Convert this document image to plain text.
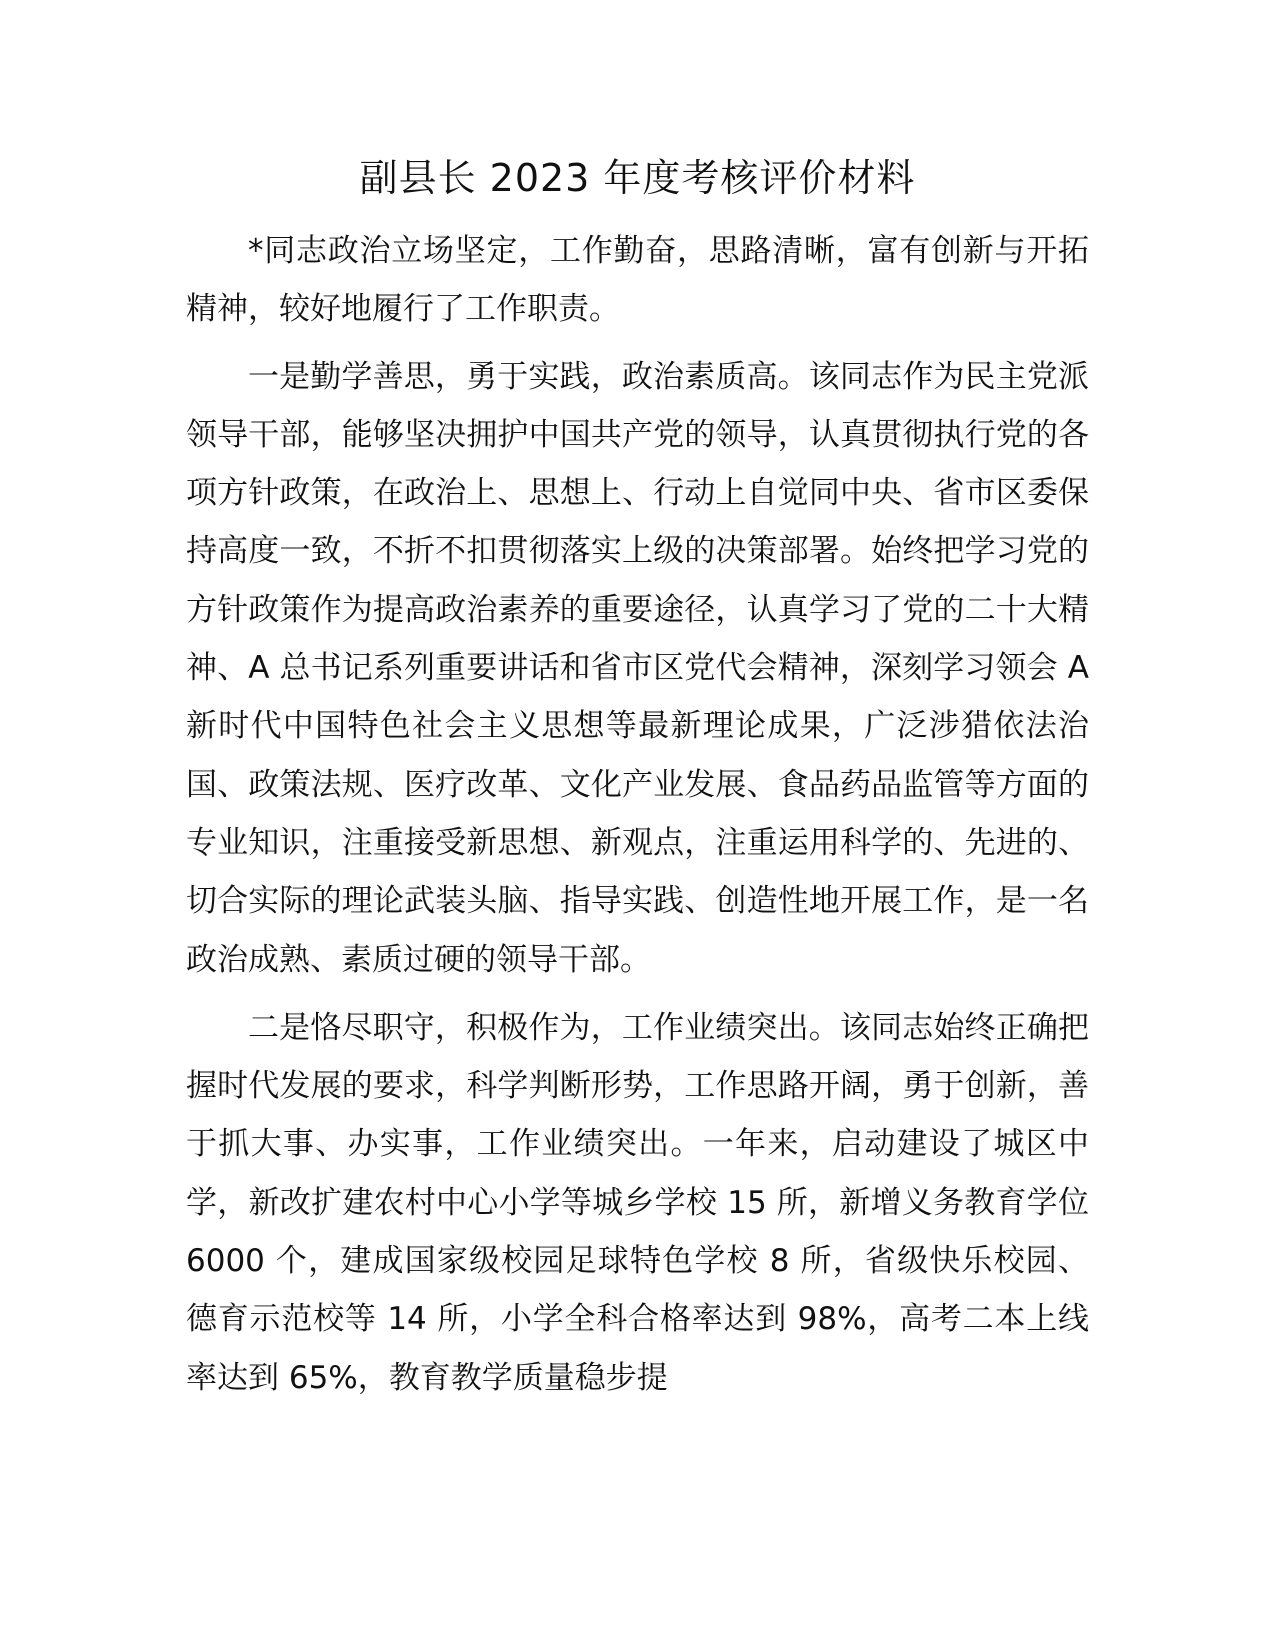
副县长 2023 年度考核评价材料

*同志政治立场坚定，工作勤奋，思路清晰，富有创新与开拓精神，较好地履行了工作职责。

一是勤学善思，勇于实践，政治素质高。该同志作为民主党派领导干部，能够坚决拥护中国共产党的领导，认真贯彻执行党的各项方针政策，在政治上、思想上、行动上自觉同中央、省市区委保持高度一致，不折不扣贯彻落实上级的决策部署。始终把学习党的方针政策作为提高政治素养的重要途径，认真学习了党的二十大精神、A 总书记系列重要讲话和省市区党代会精神，深刻学习领会 A 新时代中国特色社会主义思想等最新理论成果，广泛涉猎依法治国、政策法规、医疗改革、文化产业发展、食品药品监管等方面的专业知识，注重接受新思想、新观点，注重运用科学的、先进的、切合实际的理论武装头脑、指导实践、创造性地开展工作，是一名政治成熟、素质过硬的领导干部。

二是恪尽职守，积极作为，工作业绩突出。该同志始终正确把握时代发展的要求，科学判断形势，工作思路开阔，勇于创新，善于抓大事、办实事，工作业绩突出。一年来，启动建设了城区中学，新改扩建农村中心小学等城乡学校 15 所，新增义务教育学位 6000 个，建成国家级校园足球特色学校 8 所，省级快乐校园、德育示范校等 14 所，小学全科合格率达到 98%，高考二本上线率达到 65%，教育教学质量稳步提
